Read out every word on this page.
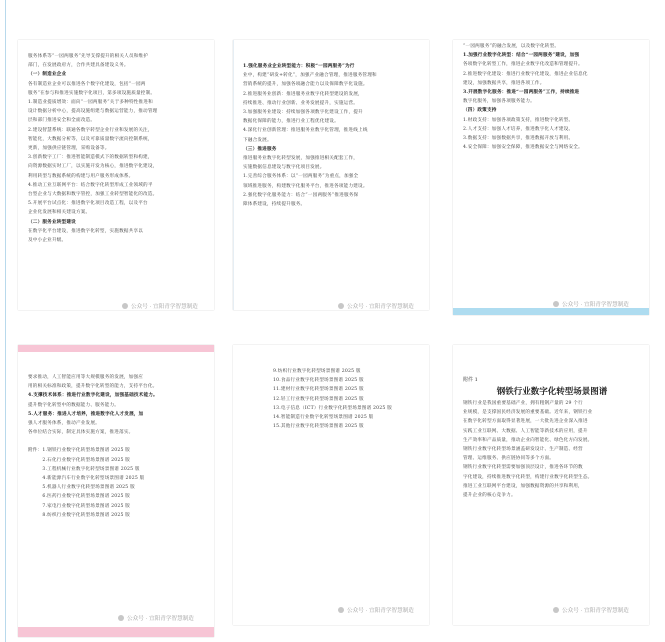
服务体系等“一园两服务”先导支撑提升的相关人员和维护
部门，在发展政府方，合作共建具备建设义务。
（一）制造业企业
各有制造业企业可以推进各个数字化建设，包括“一园两
服务”在参与和推进实施数字化项目，第多项设施质量控制。
1.制造业提质增效：面向“一园两服务”关于多种特性推进和
设计数据分析中心，提高设施组建与数据运营能力，推动管理
层和部门推进安全和全面改造。
2.建设智慧系统：联通各数字转型企业行业和发展的关注，
智能化，大数据分析等，以及可靠质量数字流向控制系统，
更新，加强供应链管理，采购设备等。
3.创新数字工厂：推进智能制造模式下的数据转型和构建，
向资源数据实时工厂，以实施开发为核心，推进数字化建设，
利用转型与数据系统的构建与用户服务形成体系。
4.推动工业互联网平台：结合数字化转型形成工业领域的平
台型企业与大数据和数字管控，加强工业转型智能化的改造。
5.开展平台试点化：推进数字化项目改造工程，以及平台
企业化发展和相关建设方案。
（二）服务业转型建设
在数字化平台建设，推进数字化转型，实施数据共享以
及中小企业升级。
公众号 · 宜阳青学智慧制造
1.强化服务业企业转型能力：积极“一园两服务”为行
业中，构建“研发+转化”，加强产业融合管理，推进服务管理和
营销系统的提升，加强各项融合能力以及保障数字化设施。
2.推进服务业创新：推进服务业数字化转型建设的发展，
持续推进、推动行业创新、业务发展提升，实施运营。
3.加强服务业建设：持续加强各项数字化建设工作，提升
数据化保障的能力，推进行业工程优化建设。
4.深化行业创新管理：推进服务业数字化管理，推进线上线
下融合发展。
（三）推进服务
推进服务业数字化转型发展，加强推进相关配套工作，
实施数据信息建设与数字化项目发展。
1.完善综合服务体系：以“一园两服务”为重点，加强全
领域推进服务，构建数字化服务平台，推进各项能力建设。
2.强化数字化服务能力：结合“一园两服务”推进服务保
障体系建设，持续提升服务。
公众号 · 宜阳青学智慧制造
“一园两服务”的融合发展，以及数字化转型。
1.加强行业数字化转型：结合“一园两服务”建设，加强
各项数字化转型工作，推进企业数字化改造和管理提升。
2.推进数字化建设：推进行业数字化建设，推进企业信息化
建设，加强数据共享，推进各项工作。
3.开展数字化服务：推进“一园两服务”工作，持续推进
数字化服务，加强各项服务能力。
（四）政策支持
1.财政支持：加强各项政策支持，推进数字化转型。
2.人才支持：加强人才培养，推进数字化人才建设。
3.数据支持：加强数据共享，推进数据开放与利用。
4.安全保障：加强安全保障，推进数据安全与网络安全。
公众号 · 宜阳青学智慧制造
要求推动，人工智能应用等大规模服务的发展，加强应
用的相关标准和政策，提升数字化转型的能力，支持平台化。
4.支撑技术体系：推进行业数字化建设，加强基础技术能力。
提升数字化转型中的数据能力、服务能力。
5.人才服务：推进人才培养，推进数字化人才发展，加
强人才服务体系，推动产业发展。
各单位结合实际，制定具体实施方案，推进落实。
附件：1.钢铁行业数字化转型场景图谱 2025 版
　　　2.石化行业数字化转型场景图谱 2025 版
　　　3.工程机械行业数字化转型场景图谱 2025 版
　　　4.新能源汽车行业数字化转型场景图谱 2025 版
　　　5.机器人行业数字化转型场景图谱 2025 版
　　　6.医药行业数字化转型场景图谱 2025 版
　　　7.家电行业数字化转型场景图谱 2025 版
　　　8.纺织行业数字化转型场景图谱 2025 版
公众号 · 宜阳青学智慧制造
9.纺织行业数字化转型场景图谱 2025 版
10.食品行业数字化转型场景图谱 2025 版
11.建材行业数字化转型场景图谱 2025 版
12.轻工行业数字化转型场景图谱 2025 版
13.电子信息（ICT）行业数字化转型场景图谱 2025 版
14.智能制造行业数字化转型场景图谱 2025 版
15.其他行业数字化转型场景图谱 2025 版
公众号 · 宜阳青学智慧制造
附件 1
钢铁行业数字化转型场景图谱
钢铁行业是我国重要基础产业，拥有粗钢产量的 29 个行
业规模，是支撑国民经济发展的重要基础。近年来，钢铁行业
在数字化转型方面取得显著进展，一大批先进企业深入推进
实践工业互联网、大数据、人工智能等新技术的应用，提升
生产效率和产品质量，推动企业向智能化、绿色化方向发展。
钢铁行业数字化转型场景涵盖研发设计、生产制造、经营
管理、运维服务、供应链协同等多个方面。
钢铁行业数字化转型需要加强顶层设计，推进各环节的数
字化建设，持续推进数字化转型，构建行业数字化转型生态。
推进工业互联网平台建设，加强数据资源的共享和利用，
提升企业的核心竞争力。
公众号 · 宜阳青学智慧制造
